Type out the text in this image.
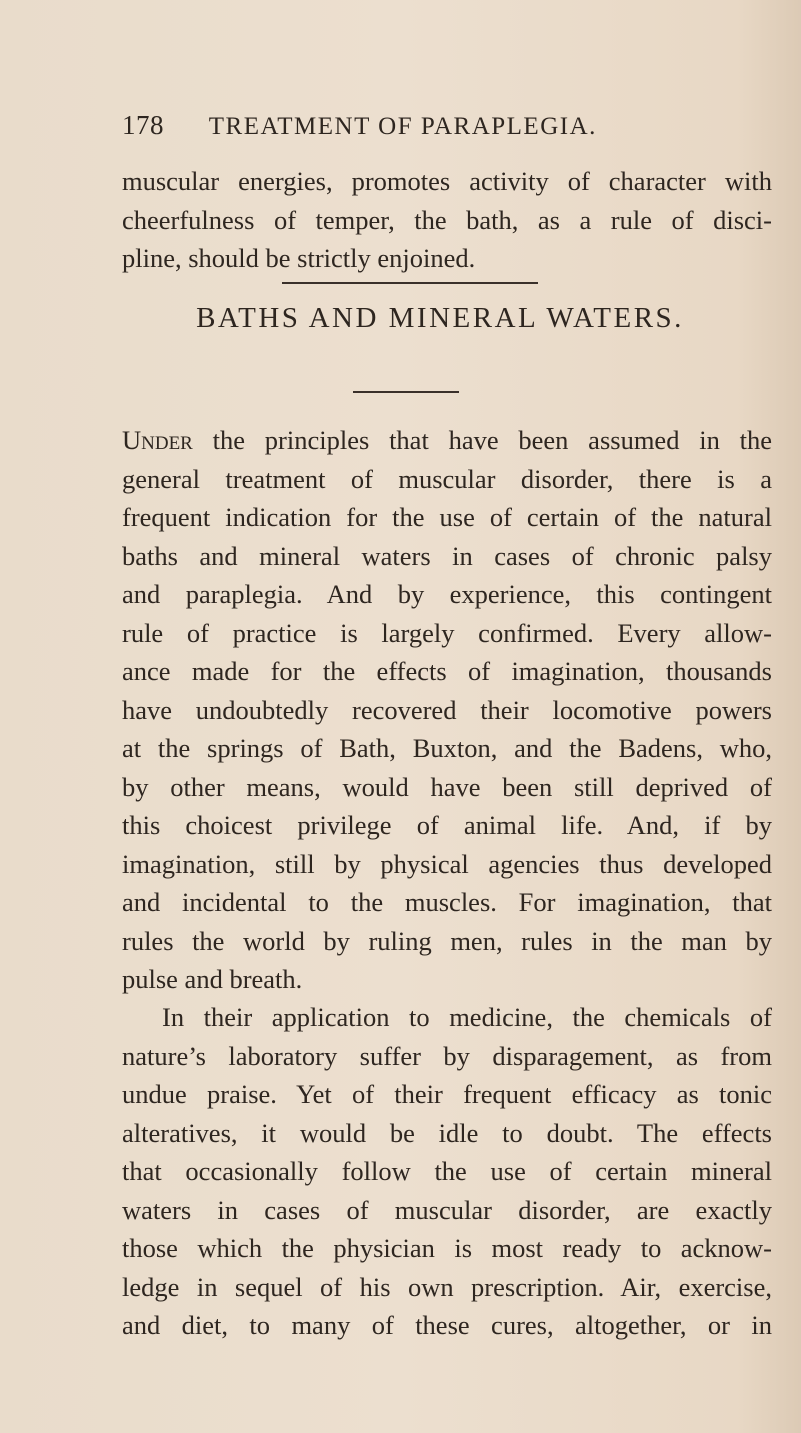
178 TREATMENT OF PARAPLEGIA.
muscular energies, promotes activity of character with
cheerfulness of temper, the bath, as a rule of disci-
pline, should be strictly enjoined.
BATHS AND MINERAL WATERS.
Under the principles that have been assumed in the
general treatment of muscular disorder, there is a
frequent indication for the use of certain of the natural
baths and mineral waters in cases of chronic palsy
and paraplegia. And by experience, this contingent
rule of practice is largely confirmed. Every allow-
ance made for the effects of imagination, thousands
have undoubtedly recovered their locomotive powers
at the springs of Bath, Buxton, and the Badens, who,
by other means, would have been still deprived of
this choicest privilege of animal life. And, if by
imagination, still by physical agencies thus developed
and incidental to the muscles. For imagination, that
rules the world by ruling men, rules in the man by
pulse and breath.
In their application to medicine, the chemicals of
nature’s laboratory suffer by disparagement, as from
undue praise. Yet of their frequent efficacy as tonic
alteratives, it would be idle to doubt. The effects
that occasionally follow the use of certain mineral
waters in cases of muscular disorder, are exactly
those which the physician is most ready to acknow-
ledge in sequel of his own prescription. Air, exercise,
and diet, to many of these cures, altogether, or in
